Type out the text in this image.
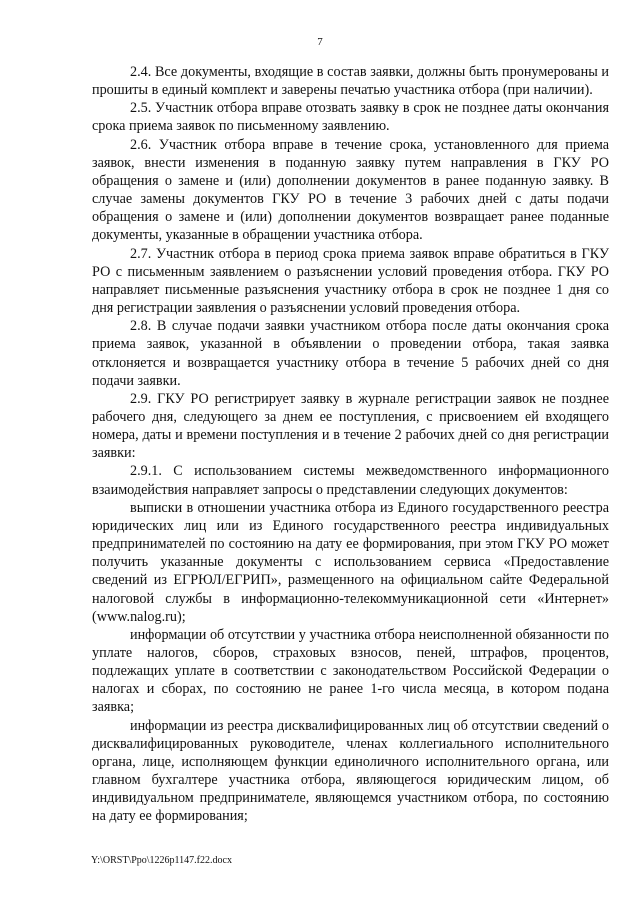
7

2.4. Все документы, входящие в состав заявки, должны быть пронумерованы и прошиты в единый комплект и заверены печатью участника отбора (при наличии).

2.5. Участник отбора вправе отозвать заявку в срок не позднее даты окончания срока приема заявок по письменному заявлению.

2.6. Участник отбора вправе в течение срока, установленного для приема заявок, внести изменения в поданную заявку путем направления в ГКУ РО обращения о замене и (или) дополнении документов в ранее поданную заявку. В случае замены документов ГКУ РО в течение 3 рабочих дней с даты подачи обращения о замене и (или) дополнении документов возвращает ранее поданные документы, указанные в обращении участника отбора.

2.7. Участник отбора в период срока приема заявок вправе обратиться в ГКУ РО с письменным заявлением о разъяснении условий проведения отбора. ГКУ РО направляет письменные разъяснения участнику отбора в срок не позднее 1 дня со дня регистрации заявления о разъяснении условий проведения отбора.

2.8. В случае подачи заявки участником отбора после даты окончания срока приема заявок, указанной в объявлении о проведении отбора, такая заявка отклоняется и возвращается участнику отбора в течение 5 рабочих дней со дня подачи заявки.

2.9. ГКУ РО регистрирует заявку в журнале регистрации заявок не позднее рабочего дня, следующего за днем ее поступления, с присвоением ей входящего номера, даты и времени поступления и в течение 2 рабочих дней со дня регистрации заявки:

2.9.1. С использованием системы межведомственного информационного взаимодействия направляет запросы о представлении следующих документов:

выписки в отношении участника отбора из Единого государственного реестра юридических лиц или из Единого государственного реестра индивидуальных предпринимателей по состоянию на дату ее формирования, при этом ГКУ РО может получить указанные документы с использованием сервиса «Предоставление сведений из ЕГРЮЛ/ЕГРИП», размещенного на официальном сайте Федеральной налоговой службы в информационно-телекоммуникационной сети «Интернет» (www.nalog.ru);

информации об отсутствии у участника отбора неисполненной обязанности по уплате налогов, сборов, страховых взносов, пеней, штрафов, процентов, подлежащих уплате в соответствии с законодательством Российской Федерации о налогах и сборах, по состоянию не ранее 1-го числа месяца, в котором подана заявка;

информации из реестра дисквалифицированных лиц об отсутствии сведений о дисквалифицированных руководителе, членах коллегиального исполнительного органа, лице, исполняющем функции единоличного исполнительного органа, или главном бухгалтере участника отбора, являющегося юридическим лицом, об индивидуальном предпринимателе, являющемся участником отбора, по состоянию на дату ее формирования;

Y:\ORST\Ppo\1226p1147.f22.docx
